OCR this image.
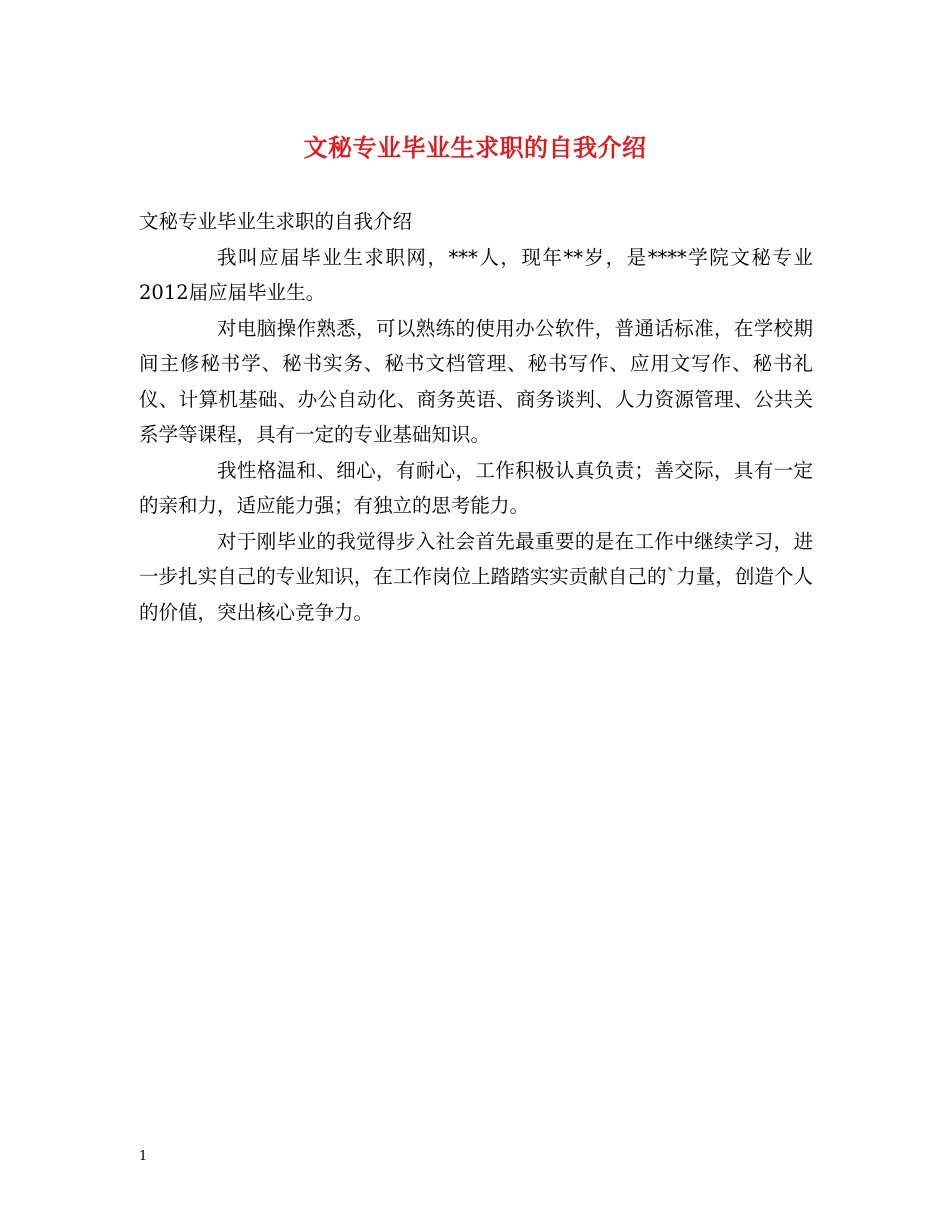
文秘专业毕业生求职的自我介绍

文秘专业毕业生求职的自我介绍

我叫应届毕业生求职网，***人，现年**岁，是****学院文秘专业2012届应届毕业生。

对电脑操作熟悉，可以熟练的使用办公软件，普通话标准，在学校期间主修秘书学、秘书实务、秘书文档管理、秘书写作、应用文写作、秘书礼仪、计算机基础、办公自动化、商务英语、商务谈判、人力资源管理、公共关系学等课程，具有一定的专业基础知识。

我性格温和、细心，有耐心，工作积极认真负责；善交际，具有一定的亲和力，适应能力强；有独立的思考能力。

对于刚毕业的我觉得步入社会首先最重要的是在工作中继续学习，进一步扎实自己的专业知识，在工作岗位上踏踏实实贡献自己的`力量，创造个人的价值，突出核心竞争力。

1
